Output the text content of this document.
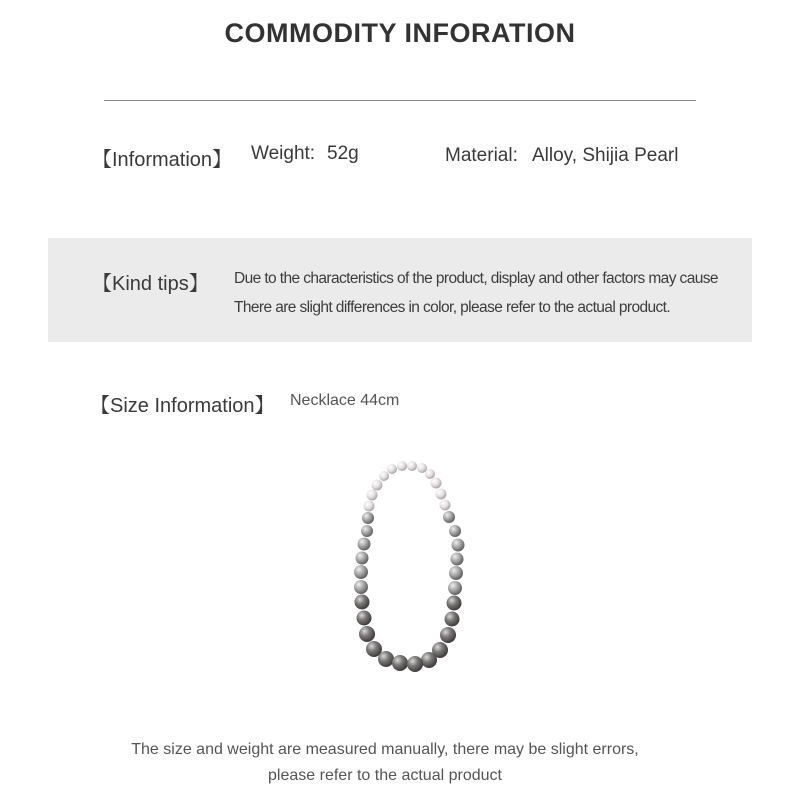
COMMODITY INFORATION
【Information】 Weight: 52g	Material: Alloy, Shijia Pearl
【Kind tips】 Due to the characteristics of the product, display and other factors may cause
There are slight differences in color, please refer to the actual product.
【Size Information】 Necklace 44cm
The size and weight are measured manually, there may be slight errors,
please refer to the actual product
